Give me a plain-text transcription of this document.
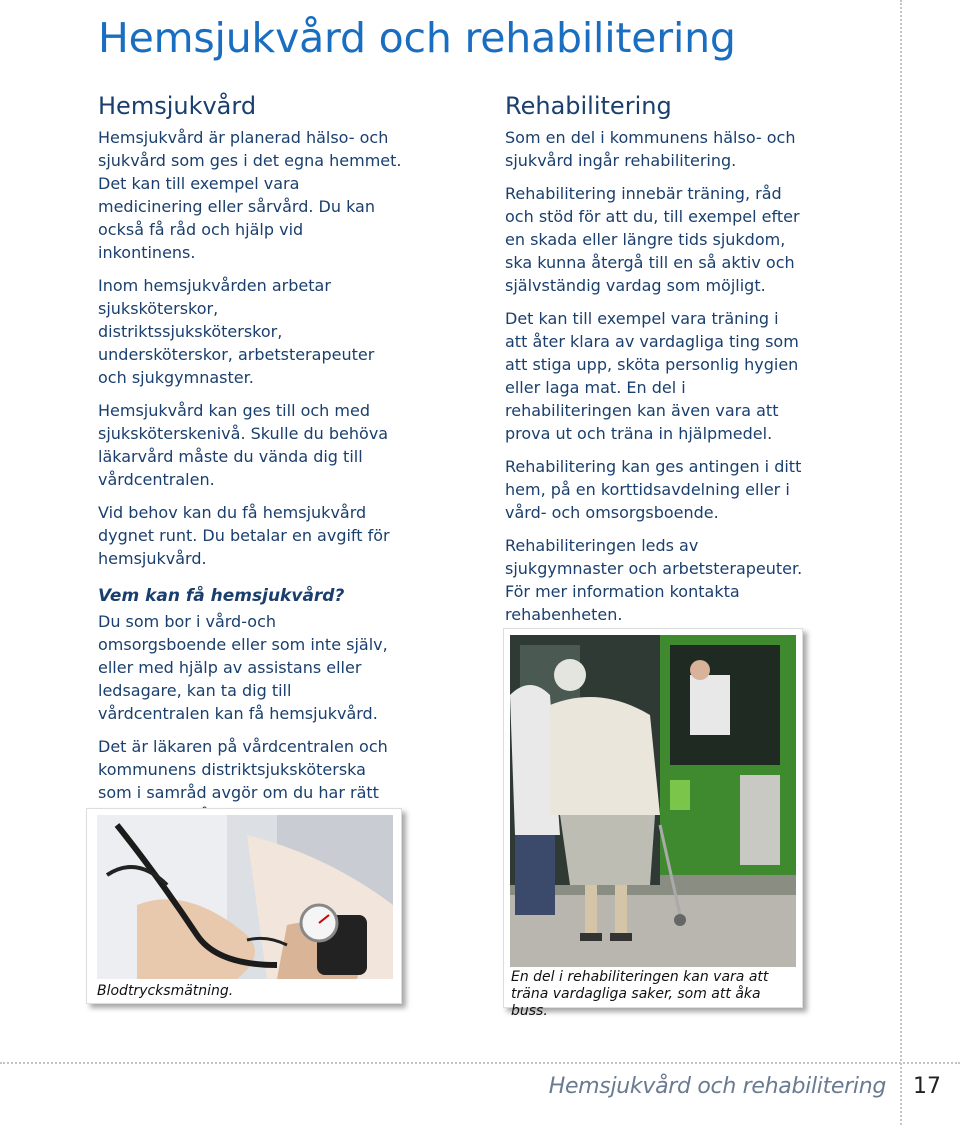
Hemsjukvård och rehabilitering
Hemsjukvård

Hemsjukvård är planerad hälso- och sjukvård som ges i det egna hemmet. Det kan till exempel vara medicinering eller sårvård. Du kan också få råd och hjälp vid inkontinens.

Inom hemsjukvården arbetar sjuksköterskor, distriktssjuksköterskor, undersköterskor, arbetsterapeuter och sjukgymnaster.

Hemsjukvård kan ges till och med sjuksköterskenivå. Skulle du behöva läkarvård måste du vända dig till vårdcentralen.

Vid behov kan du få hemsjukvård dygnet runt. Du betalar en avgift för hemsjukvård.

Vem kan få hemsjukvård?

Du som bor i vård-och omsorgsboende eller som inte själv, eller med hjälp av assistans eller ledsagare, kan ta dig till vårdcentralen kan få hemsjukvård.

Det är läkaren på vårdcentralen och kommunens distriktsjuksköterska som i samråd avgör om du har rätt

Rehabilitering

Som en del i kommunens hälso- och sjukvård ingår rehabilitering.

Rehabilitering innebär träning, råd och stöd för att du, till exempel efter en skada eller längre tids sjukdom, ska kunna återgå till en så aktiv och självständig vardag som möjligt.

Det kan till exempel vara träning i att åter klara av vardagliga ting som att stiga upp, sköta personlig hygien eller laga mat. En del i rehabiliteringen kan även vara att prova ut och träna in hjälpmedel.

Rehabilitering kan ges antingen i ditt hem, på en korttidsavdelning eller i vård- och omsorgsboende.

Rehabiliteringen leds av sjukgymnaster och arbetsterapeuter. För mer information kontakta rehabenheten.

Blodtrycksmätning.

En del i rehabiliteringen kan vara att träna vardagliga saker, som att åka buss.

Hemsjukvård och rehabilitering 17
